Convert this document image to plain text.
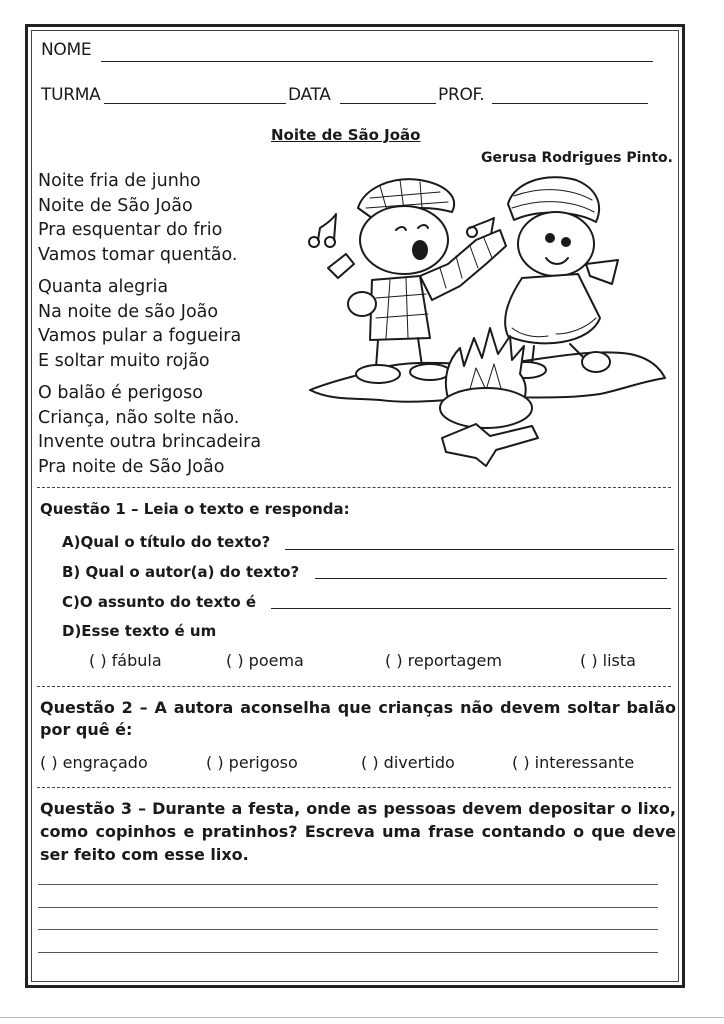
NOME
TURMA	DATA	PROF.
Noite de São João
Gerusa Rodrigues Pinto.
Noite fria de junho
Noite de São João
Pra esquentar do frio
Vamos tomar quentão.
Quanta alegria
Na noite de são João
Vamos pular a fogueira
E soltar muito rojão
O balão é perigoso
Criança, não solte não.
Invente outra brincadeira
Pra noite de São João
Questão 1 – Leia o texto e responda:
A)Qual o título do texto?
B) Qual o autor(a) do texto?
C)O assunto do texto é
D)Esse texto é um
( ) fábula	( ) poema	( ) reportagem	( ) lista
Questão 2 – A autora aconselha que crianças não devem soltar balão por quê é:
( ) engraçado	( ) perigoso	( ) divertido	( ) interessante
Questão 3 – Durante a festa, onde as pessoas devem depositar o lixo, como copinhos e pratinhos? Escreva uma frase contando o que deve ser feito com esse lixo.
